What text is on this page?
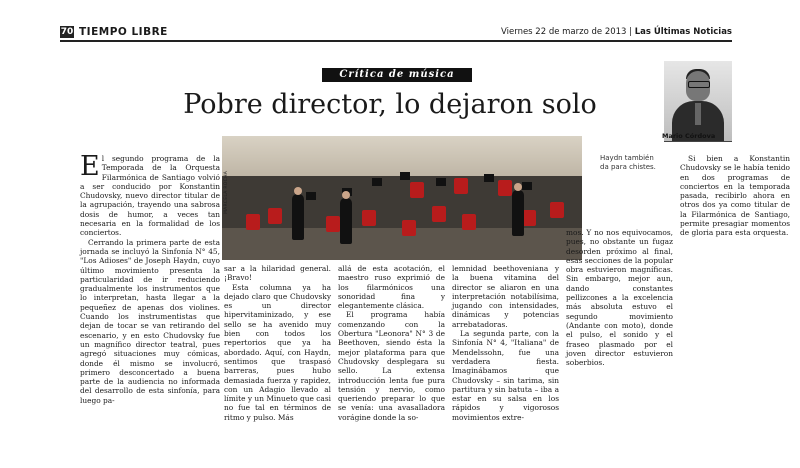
70 TIEMPO LIBRE	Viernes 22 de marzo de 2013 | Las Últimas Noticias
Crítica de música
Pobre director, lo dejaron solo
Mario Córdova
MARCELA ROCHA
Haydn también da para chistes.

El segundo programa de la Temporada de la Orquesta Filarmónica de Santiago volvió a ser conducido por Konstantin Chudovsky, nuevo director titular de la agrupación, trayendo una sabrosa dosis de humor, a veces tan necesaria en la formalidad de los conciertos.

Cerrando la primera parte de esta jornada se incluyó la Sinfonía N° 45, "Los Adioses" de Joseph Haydn, cuyo último movimiento presenta la particularidad de ir reduciendo gradualmente los instrumentos que lo interpretan, hasta llegar a la pequeñez de apenas dos violines. Cuando los instrumentistas que dejan de tocar se van retirando del escenario, y en esto Chudovsky fue un magnífico director teatral, pues agregó situaciones muy cómicas, donde él mismo se involucró, primero desconcertado a buena parte de la audiencia no informada del desarrollo de esta sinfonía, para luego pa-

sar a la hilaridad general. ¡Bravo!

Esta columna ya ha dejado claro que Chudovsky es un director hipervitaminizado, y ese sello se ha avenido muy bien con todos los repertorios que ya ha abordado. Aquí, con Haydn, sentimos que traspasó barreras, pues hubo demasiada fuerza y rapidez, con un Adagio llevado al límite y un Minueto que casi no fue tal en términos de ritmo y pulso. Más

allá de esta acotación, el maestro ruso exprimió de los filarmónicos una sonoridad fina y elegantemente clásica.

El programa había comenzando con la Obertura "Leonora" N° 3 de Beethoven, siendo ésta la mejor plataforma para que Chudovsky desplegara su sello. La extensa introducción lenta fue pura tensión y nervio, como queriendo preparar lo que se venía: una avasalladora vorágine donde la so-

lemnidad beethoveniana y la buena vitamina del director se aliaron en una interpretación notabilísima, jugando con intensidades, dinámicas y potencias arrebatadoras.

La segunda parte, con la Sinfonía N° 4, "Italiana" de Mendelssohn, fue una verdadera fiesta. Imaginábamos que Chudovsky – sin tarima, sin partitura y sin batuta – iba a estar en su salsa en los rápidos y vigorosos movimientos extre-

mos. Y no nos equivocamos, pues, no obstante un fugaz desorden próximo al final, esas secciones de la popular obra estuvieron magníficas. Sin embargo, mejor aun, dando constantes pellizcones a la excelencia más absoluta estuvo el segundo movimiento (Andante con moto), donde el pulso, el sonido y el fraseo plasmado por el joven director estuvieron soberbios.

Si bien a Konstantin Chudovsky se le había tenido en dos programas de conciertos en la temporada pasada, recibirlo ahora en otros dos ya como titular de la Filarmónica de Santiago, permite presagiar momentos de gloria para esta orquesta.
